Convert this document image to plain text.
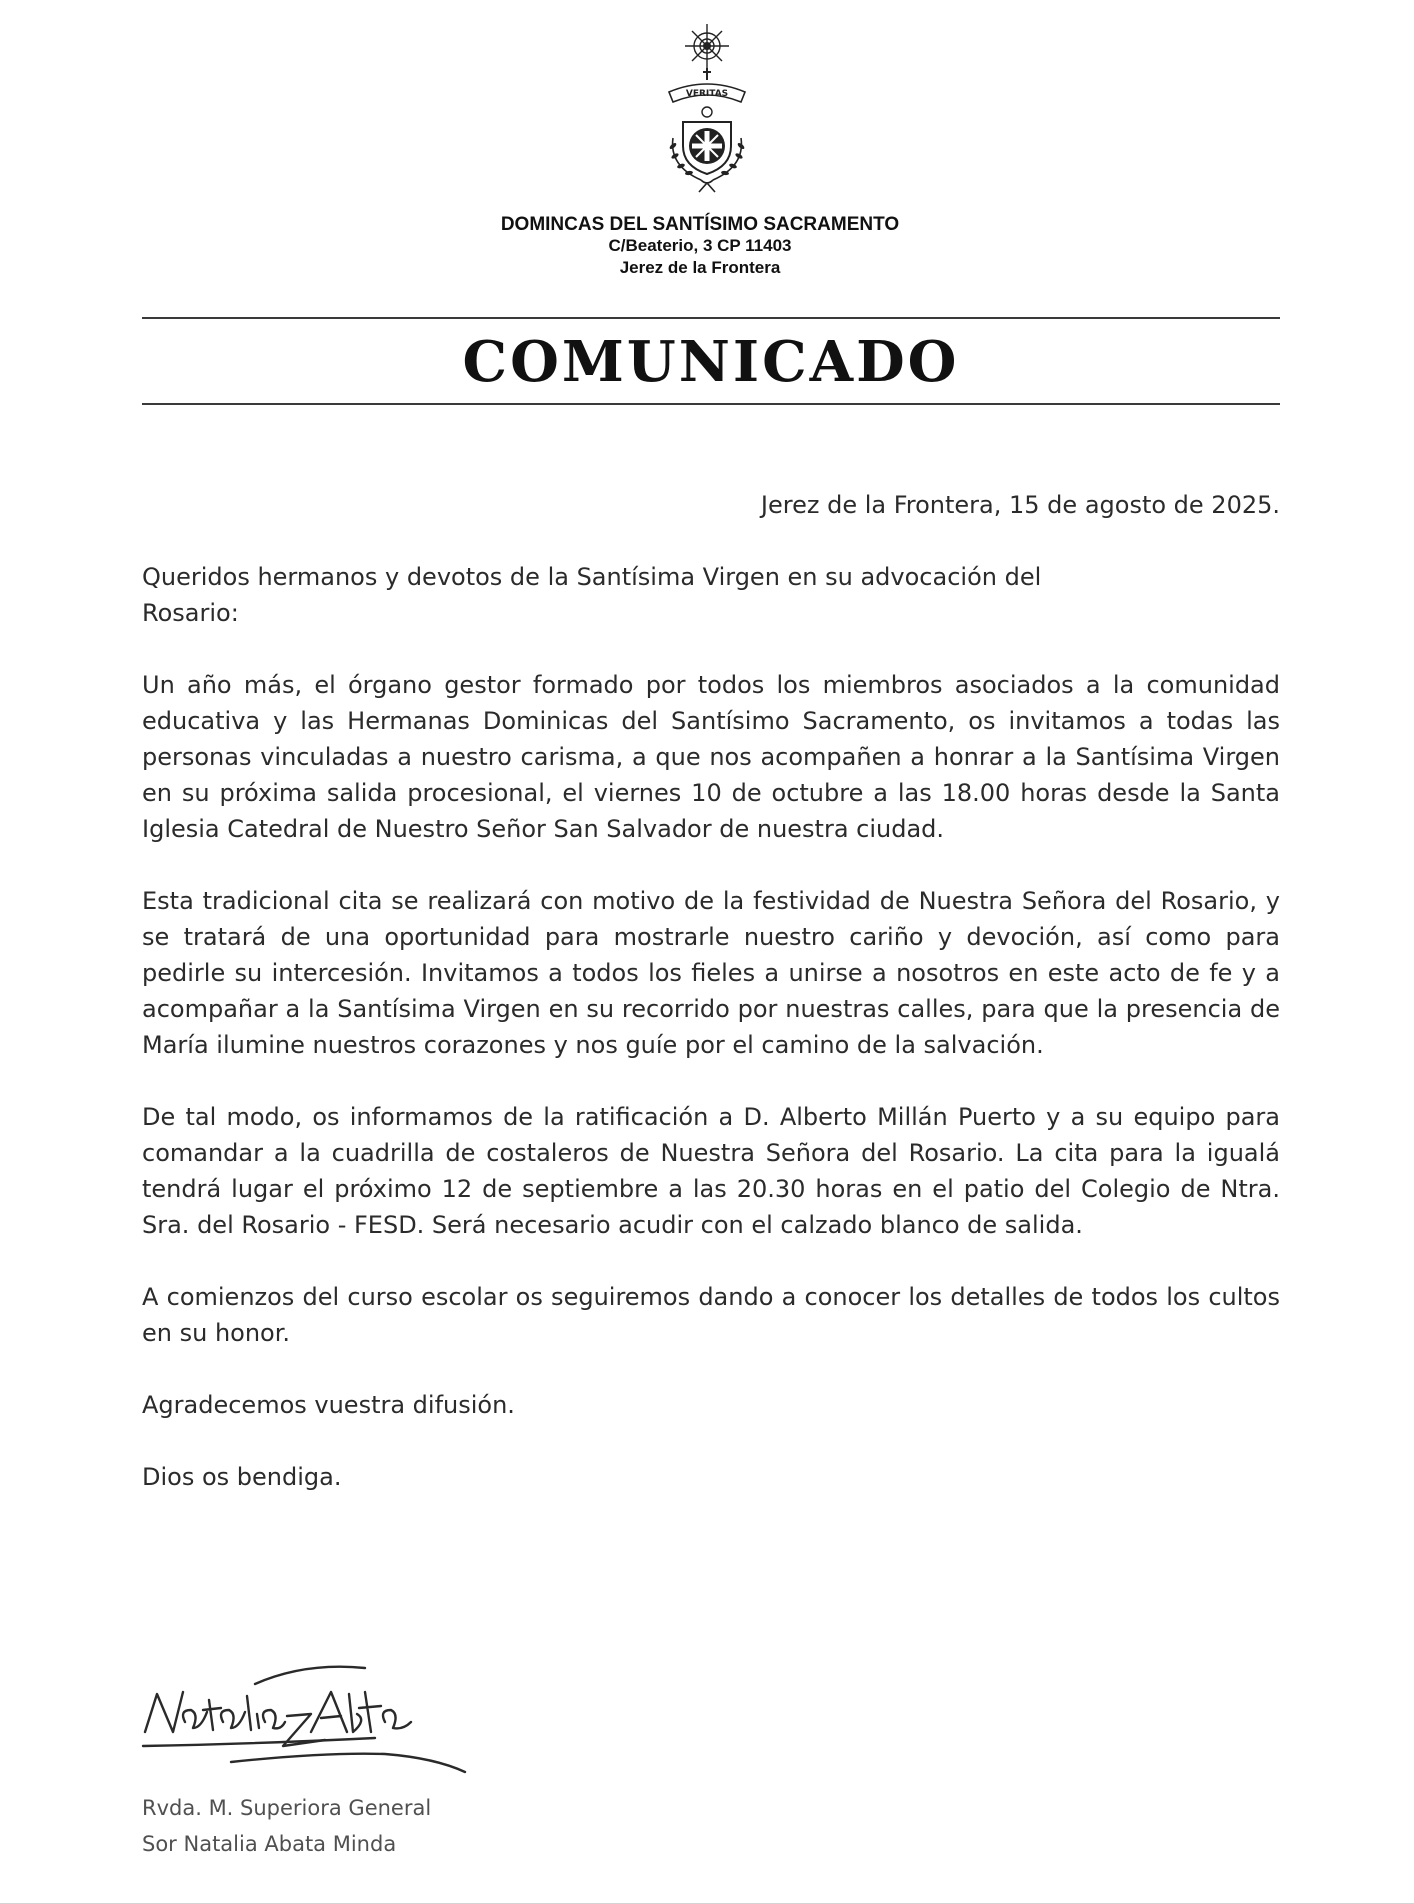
VERITAS

DOMINCAS DEL SANTÍSIMO SACRAMENTO

C/Beaterio, 3 CP 11403

Jerez de la Frontera

COMUNICADO

Jerez de la Frontera, 15 de agosto de 2025.

Queridos hermanos y devotos de la Santísima Virgen en su advocación del
Rosario:

Un año más, el órgano gestor formado por todos los miembros asociados a la comunidad educativa y las Hermanas Dominicas del Santísimo Sacramento, os invitamos a todas las personas vinculadas a nuestro carisma, a que nos acompañen a honrar a la Santísima Virgen en su próxima salida procesional, el viernes 10 de octubre a las 18.00 horas desde la Santa Iglesia Catedral de Nuestro Señor San Salvador de nuestra ciudad.

Esta tradicional cita se realizará con motivo de la festividad de Nuestra Señora del Rosario, y se tratará de una oportunidad para mostrarle nuestro cariño y devoción, así como para pedirle su intercesión. Invitamos a todos los fieles a unirse a nosotros en este acto de fe y a acompañar a la Santísima Virgen en su recorrido por nuestras calles, para que la presencia de María ilumine nuestros corazones y nos guíe por el camino de la salvación.

De tal modo, os informamos de la ratificación a D. Alberto Millán Puerto y a su equipo para comandar a la cuadrilla de costaleros de Nuestra Señora del Rosario. La cita para la igualá tendrá lugar el próximo 12 de septiembre a las 20.30 horas en el patio del Colegio de Ntra. Sra. del Rosario - FESD. Será necesario acudir con el calzado blanco de salida.

A comienzos del curso escolar os seguiremos dando a conocer los detalles de todos los cultos en su honor.

Agradecemos vuestra difusión.

Dios os bendiga.

Rvda. M. Superiora General

Sor Natalia Abata Minda
